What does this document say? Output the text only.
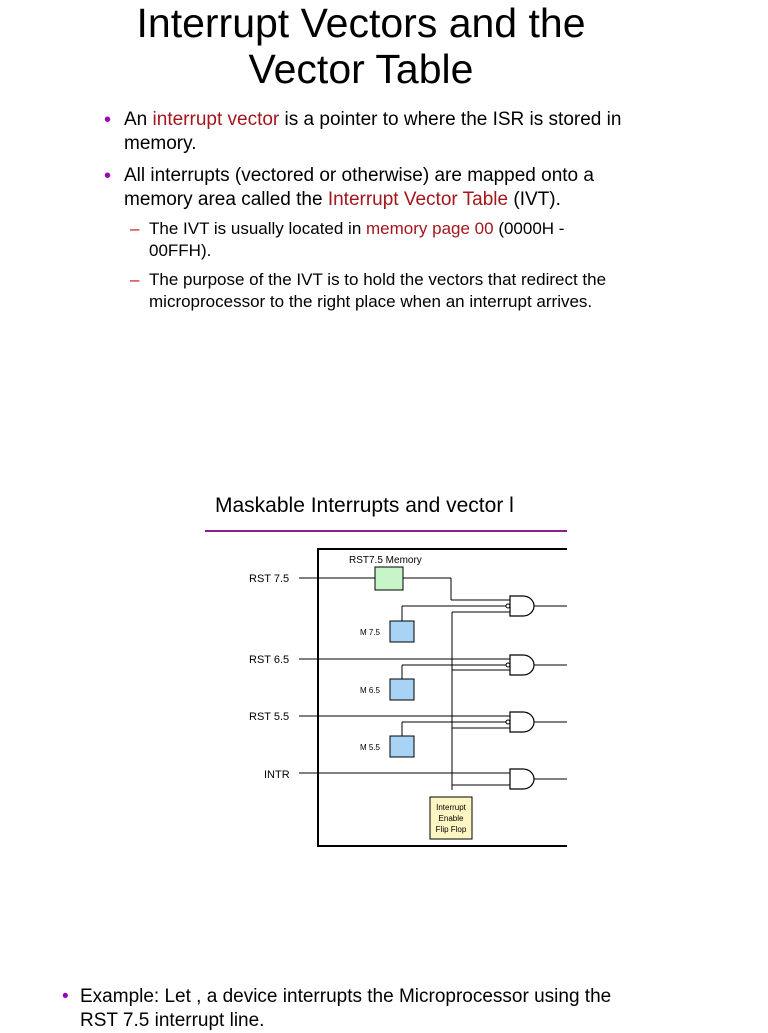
Interrupt Vectors and the
Vector Table
• An interrupt vector is a pointer to where the ISR is stored in
memory.
• All interrupts (vectored or otherwise) are mapped onto a
memory area called the Interrupt Vector Table (IVT).
– The IVT is usually located in memory page 00 (0000H -
00FFH).
– The purpose of the IVT is to hold the vectors that redirect the
microprocessor to the right place when an interrupt arrives.
Maskable Interrupts and vector l
RST 7.5
RST 6.5
RST 5.5
INTR
RST7.5 Memory
M 7.5
M 6.5
M 5.5
Interrupt
Enable
Flip Flop
• Example: Let , a device interrupts the Microprocessor using the
RST 7.5 interrupt line.
